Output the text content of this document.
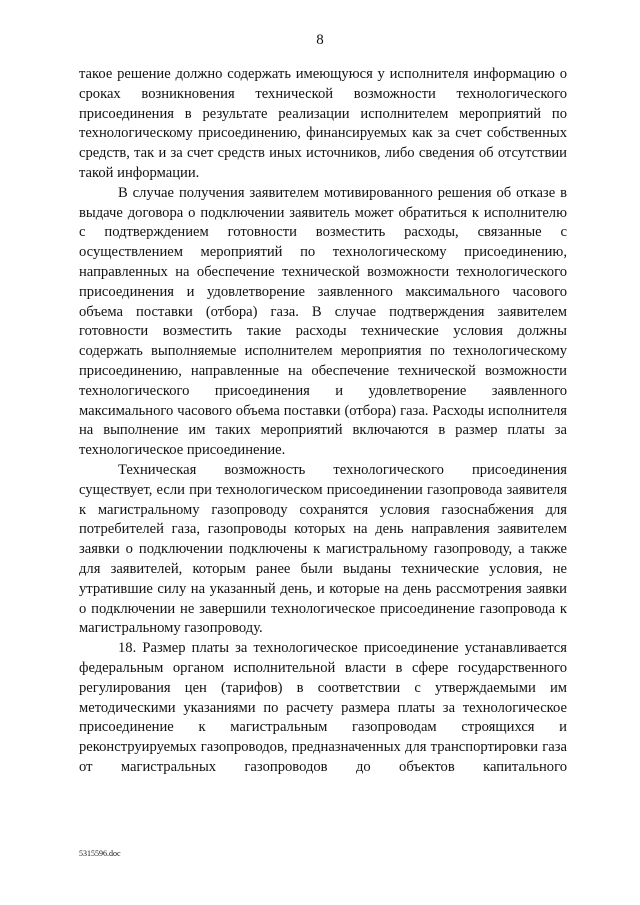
8

такое решение должно содержать имеющуюся у исполнителя информацию о сроках возникновения технической возможности технологического присоединения в результате реализации исполнителем мероприятий по технологическому присоединению, финансируемых как за счет собственных средств, так и за счет средств иных источников, либо сведения об отсутствии такой информации.

В случае получения заявителем мотивированного решения об отказе в выдаче договора о подключении заявитель может обратиться к исполнителю с подтверждением готовности возместить расходы, связанные с осуществлением мероприятий по технологическому присоединению, направленных на обеспечение технической возможности технологического присоединения и удовлетворение заявленного максимального часового объема поставки (отбора) газа. В случае подтверждения заявителем готовности возместить такие расходы технические условия должны содержать выполняемые исполнителем мероприятия по технологическому присоединению, направленные на обеспечение технической возможности технологического присоединения и удовлетворение заявленного максимального часового объема поставки (отбора) газа. Расходы исполнителя на выполнение им таких мероприятий включаются в размер платы за технологическое присоединение.

Техническая возможность технологического присоединения существует, если при технологическом присоединении газопровода заявителя к магистральному газопроводу сохранятся условия газоснабжения для потребителей газа, газопроводы которых на день направления заявителем заявки о подключении подключены к магистральному газопроводу, а также для заявителей, которым ранее были выданы технические условия, не утратившие силу на указанный день, и которые на день рассмотрения заявки о подключении не завершили технологическое присоединение газопровода к магистральному газопроводу.

18. Размер платы за технологическое присоединение устанавливается федеральным органом исполнительной власти в сфере государственного регулирования цен (тарифов) в соответствии с утверждаемыми им методическими указаниями по расчету размера платы за технологическое присоединение к магистральным газопроводам строящихся и реконструируемых газопроводов, предназначенных для транспортировки газа от магистральных газопроводов до объектов капитального

5315596.doc
